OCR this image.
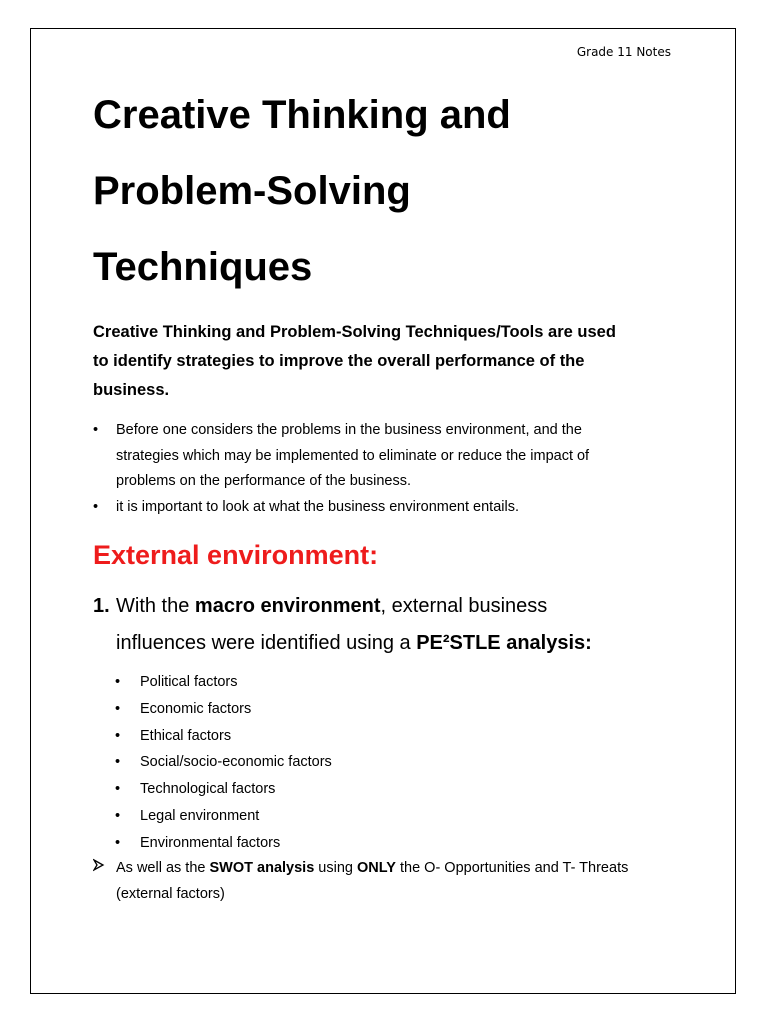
Grade 11 Notes
Creative Thinking and
Problem-Solving
Techniques

Creative Thinking and Problem-Solving Techniques/Tools are used
to identify strategies to improve the overall performance of the
business.

• Before one considers the problems in the business environment, and the
strategies which may be implemented to eliminate or reduce the impact of
problems on the performance of the business.
• it is important to look at what the business environment entails.
External environment:
1. With the macro environment, external business
influences were identified using a PE²STLE analysis:
• Political factors
• Economic factors
• Ethical factors
• Social/socio-economic factors
• Technological factors
• Legal environment
• Environmental factors
As well as the SWOT analysis using ONLY the O- Opportunities and T- Threats
(external factors)
